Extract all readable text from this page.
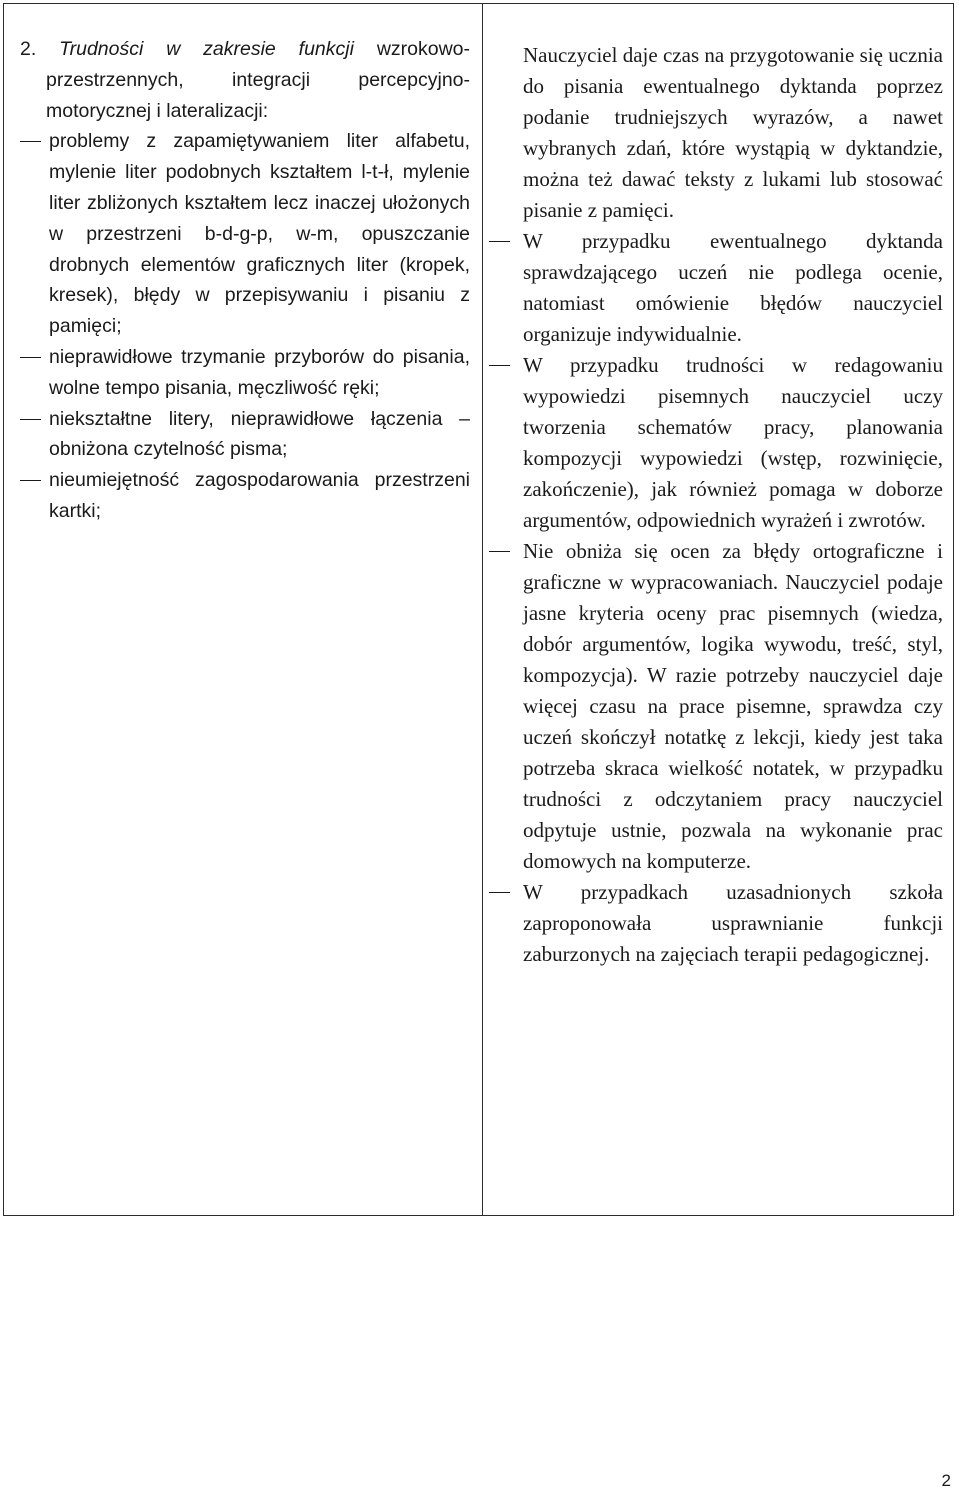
2. Trudności w zakresie funkcji wzrokowo-przestrzennych, integracji percepcyjno-motorycznej i lateralizacji:
problemy z zapamiętywaniem liter alfabetu, mylenie liter podobnych kształtem l-t-ł, mylenie liter zbliżonych kształtem lecz inaczej ułożonych w przestrzeni b-d-g-p, w-m, opuszczanie drobnych elementów graficznych liter (kropek, kresek), błędy w przepisywaniu i pisaniu z pamięci;
nieprawidłowe trzymanie przyborów do pisania, wolne tempo pisania, męczliwość ręki;
niekształtne litery, nieprawidłowe łączenia – obniżona czytelność pisma;
nieumiejętność zagospodarowania przestrzeni kartki;

Nauczyciel daje czas na przygotowanie się ucznia do pisania ewentualnego dyktanda poprzez podanie trudniejszych wyrazów, a nawet wybranych zdań, które wystąpią w dyktandzie, można też dawać teksty z lukami lub stosować pisanie z pamięci.

W przypadku ewentualnego dyktanda sprawdzającego uczeń nie podlega ocenie, natomiast omówienie błędów nauczyciel organizuje indywidualnie.
W przypadku trudności w redagowaniu wypowiedzi pisemnych nauczyciel uczy tworzenia schematów pracy, planowania kompozycji wypowiedzi (wstęp, rozwinięcie, zakończenie), jak również pomaga w doborze argumentów, odpowiednich wyrażeń i zwrotów.
Nie obniża się ocen za błędy ortograficzne i graficzne w wypracowaniach. Nauczyciel podaje jasne kryteria oceny prac pisemnych (wiedza, dobór argumentów, logika wywodu, treść, styl, kompozycja). W razie potrzeby nauczyciel daje więcej czasu na prace pisemne, sprawdza czy uczeń skończył notatkę z lekcji, kiedy jest taka potrzeba skraca wielkość notatek, w przypadku trudności z odczytaniem pracy nauczyciel odpytuje ustnie, pozwala na wykonanie prac domowych na komputerze.
W przypadkach uzasadnionych szkoła zaproponowała usprawnianie funkcji zaburzonych na zajęciach terapii pedagogicznej.
2
